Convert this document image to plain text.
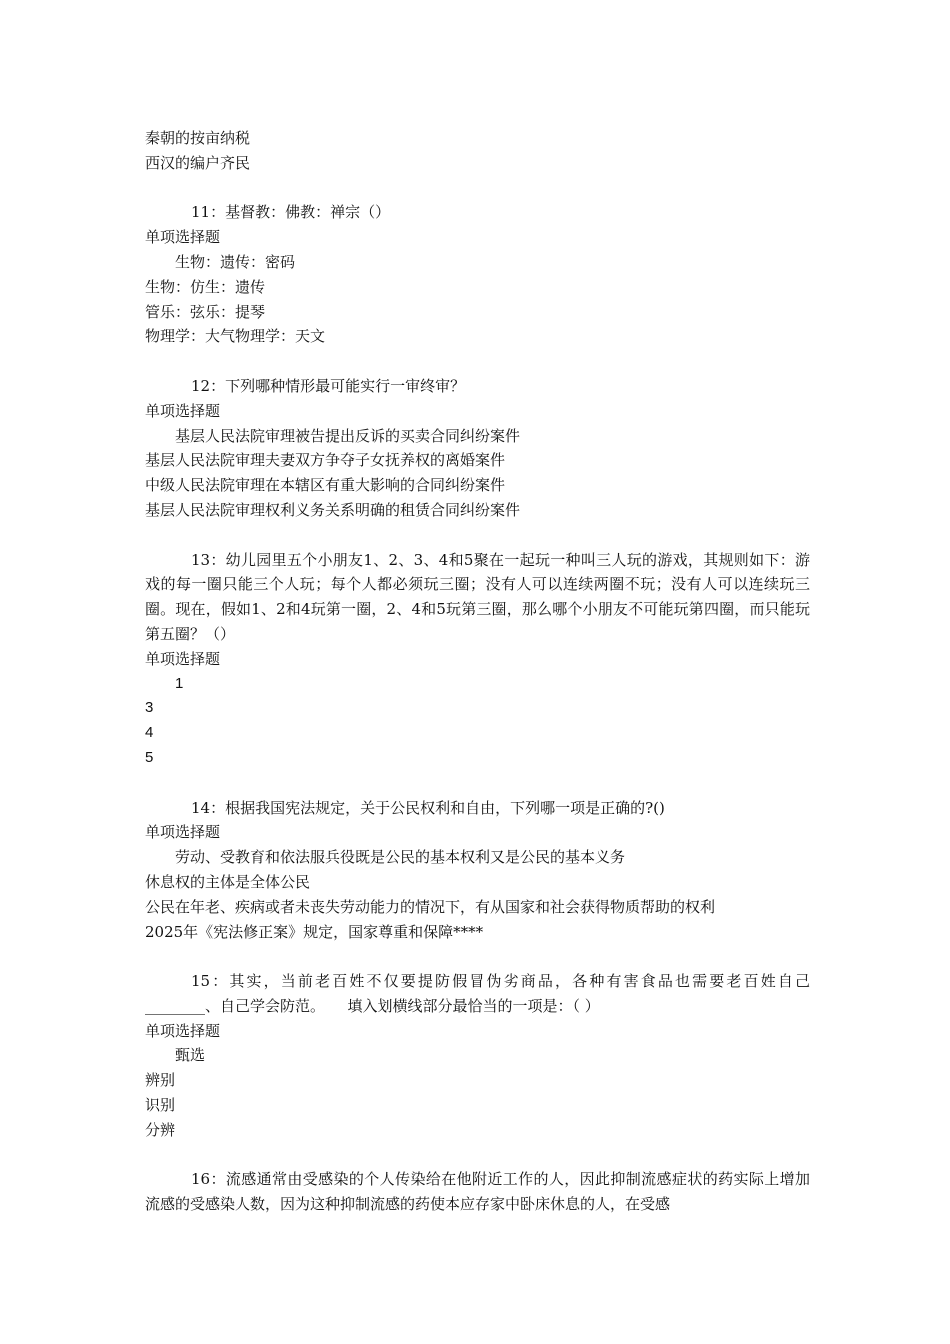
秦朝的按亩纳税

西汉的编户齐民

11：基督教：佛教：禅宗（）

单项选择题

生物：遗传：密码

生物：仿生：遗传

管乐：弦乐：提琴

物理学：大气物理学：天文

12：下列哪种情形最可能实行一审终审？

单项选择题

基层人民法院审理被告提出反诉的买卖合同纠纷案件

基层人民法院审理夫妻双方争夺子女抚养权的离婚案件

中级人民法院审理在本辖区有重大影响的合同纠纷案件

基层人民法院审理权利义务关系明确的租赁合同纠纷案件

13：幼儿园里五个小朋友1、2、3、4和5聚在一起玩一种叫三人玩的游戏，其规则如下：游戏的每一圈只能三个人玩；每个人都必须玩三圈；没有人可以连续两圈不玩；没有人可以连续玩三圈。现在，假如1、2和4玩第一圈，2、4和5玩第三圈，那么哪个小朋友不可能玩第四圈，而只能玩第五圈？（）

单项选择题

1

3

4

5

14：根据我国宪法规定，关于公民权利和自由，下列哪一项是正确的?()

单项选择题

劳动、受教育和依法服兵役既是公民的基本权利又是公民的基本义务

休息权的主体是全体公民

公民在年老、疾病或者未丧失劳动能力的情况下，有从国家和社会获得物质帮助的权利

2025年《宪法修正案》规定，国家尊重和保障****

15：其实，当前老百姓不仅要提防假冒伪劣商品，各种有害食品也需要老百姓自己________、自己学会防范。　　填入划横线部分最恰当的一项是：（ ）

单项选择题

甄选

辨别

识别

分辨

16：流感通常由受感染的个人传染给在他附近工作的人，因此抑制流感症状的药实际上增加流感的受感染人数，因为这种抑制流感的药使本应存家中卧床休息的人，在受感
